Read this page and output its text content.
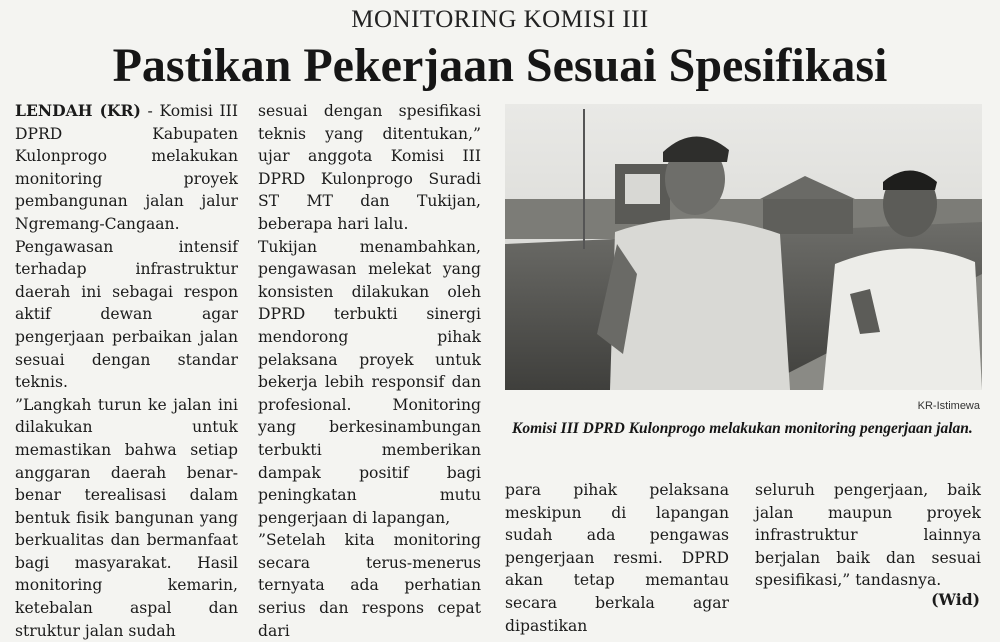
MONITORING KOMISI III
Pastikan Pekerjaan Sesuai Spesifikasi

LENDAH (KR) - Komisi III DPRD Kabupaten Kulonprogo melakukan monitoring proyek pembangunan jalan jalur Ngremang-Cangaan.

Pengawasan intensif terhadap infrastruktur daerah ini sebagai respon aktif dewan agar pengerjaan perbaikan jalan sesuai dengan standar teknis.

”Langkah turun ke jalan ini dilakukan untuk memastikan bahwa setiap anggaran daerah benar-benar terealisasi dalam bentuk fisik bangunan yang berkualitas dan bermanfaat bagi masyarakat. Hasil monitoring kemarin, ketebalan aspal dan struktur jalan sudah

sesuai dengan spesifikasi teknis yang ditentukan,” ujar anggota Komisi III DPRD Kulonprogo Suradi ST MT dan Tukijan, beberapa hari lalu.

Tukijan menambahkan, pengawasan melekat yang konsisten dilakukan oleh DPRD terbukti sinergi mendorong pihak pelaksana proyek untuk bekerja lebih responsif dan profesional. Monitoring yang berkesinambungan terbukti memberikan dampak positif bagi peningkatan mutu pengerjaan di lapangan,

”Setelah kita monitoring secara terus-menerus ternyata ada perhatian serius dan respons cepat dari

KR-Istimewa
Komisi III DPRD Kulonprogo melakukan monitoring pengerjaan jalan.

para pihak pelaksana meskipun di lapangan sudah ada pengawas pengerjaan resmi. DPRD akan tetap memantau secara berkala agar dipastikan

seluruh pengerjaan, baik jalan maupun proyek infrastruktur lainnya berjalan baik dan sesuai spesifikasi,” tandasnya.

(Wid)
